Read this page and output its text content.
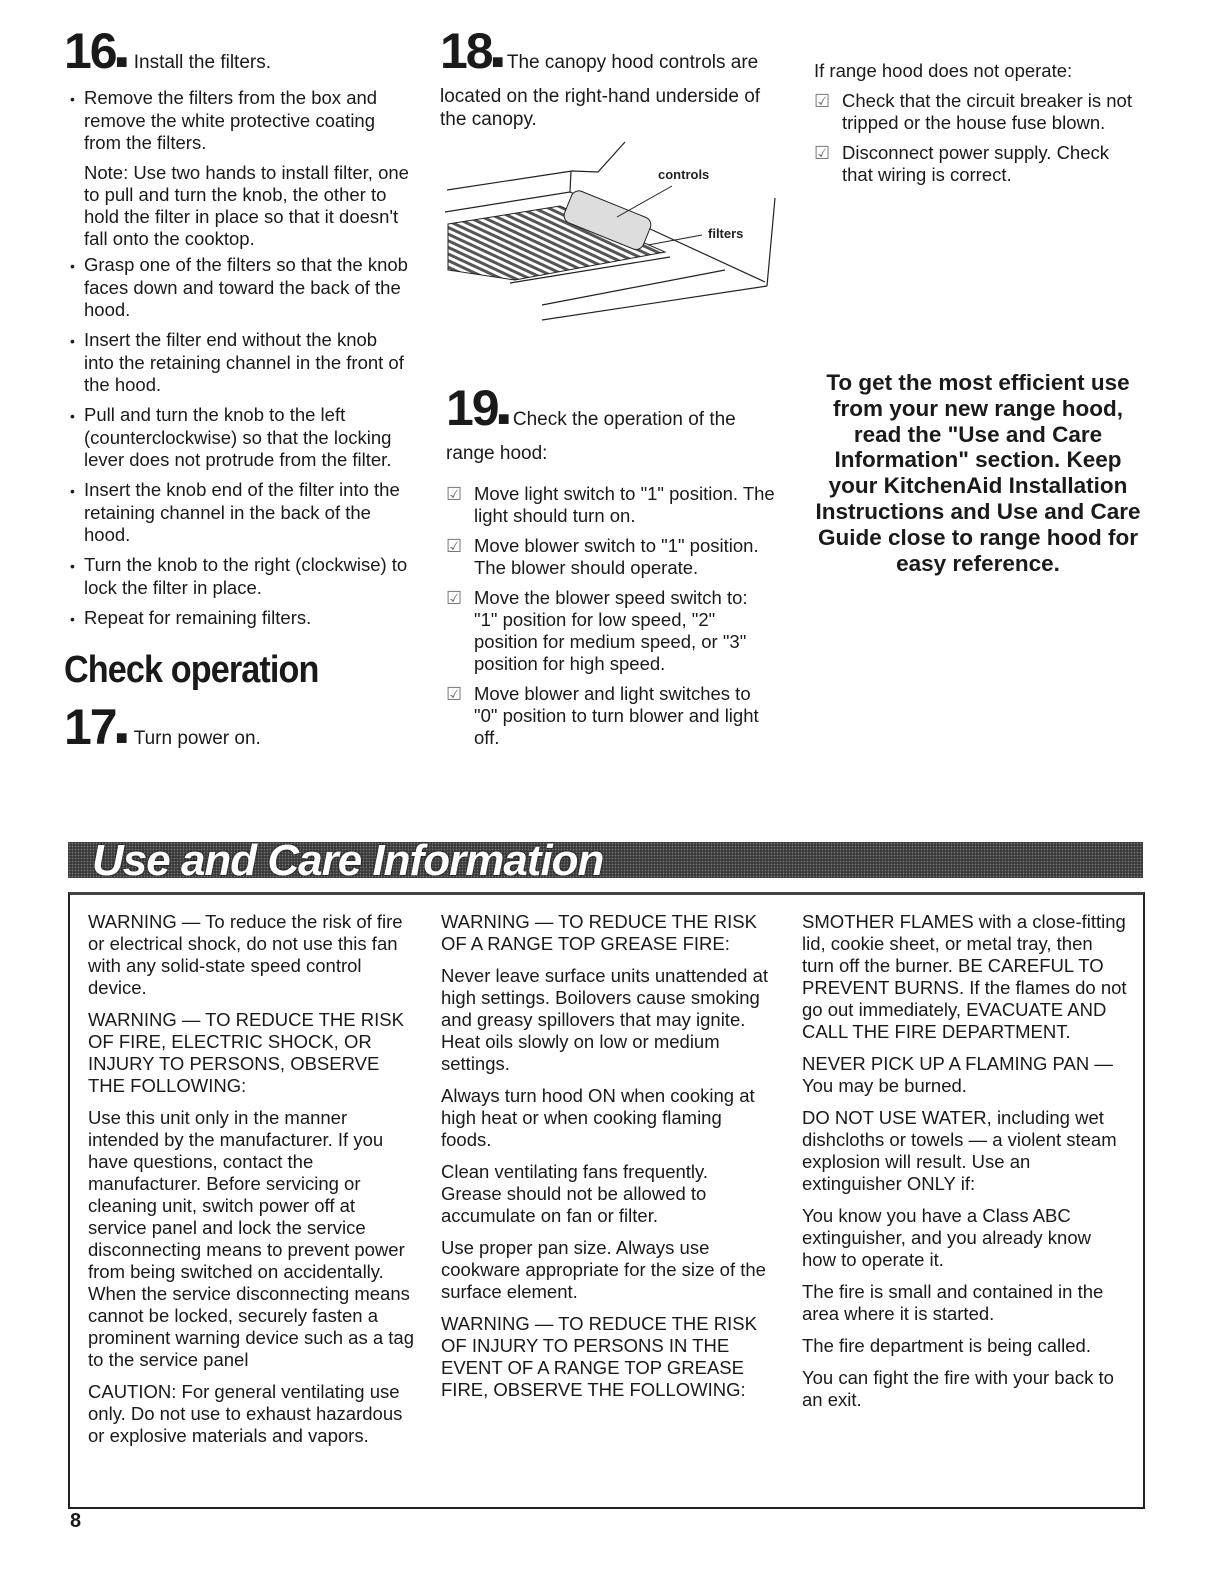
16■ Install the filters.

• Remove the filters from the box and remove the white protective coating from the filters.

Note: Use two hands to install filter, one to pull and turn the knob, the other to hold the filter in place so that it doesn't fall onto the cooktop.

• Grasp one of the filters so that the knob faces down and toward the back of the hood.

• Insert the filter end without the knob into the retaining channel in the front of the hood.

• Pull and turn the knob to the left (counterclockwise) so that the locking lever does not protrude from the filter.

• Insert the knob end of the filter into the retaining channel in the back of the hood.

• Turn the knob to the right (clockwise) to lock the filter in place.

• Repeat for remaining filters.

Check operation
17■ Turn power on.
18■ The canopy hood controls are located on the right-hand underside of the canopy.
controls
filters
19■ Check the operation of the range hood:
☑ Move light switch to "1" position. The light should turn on.
☑ Move blower switch to "1" position. The blower should operate.
☑ Move the blower speed switch to: "1" position for low speed, "2" position for medium speed, or "3" position for high speed.
☑ Move blower and light switches to "0" position to turn blower and light off.

If range hood does not operate:

☑ Check that the circuit breaker is not tripped or the house fuse blown.
☑ Disconnect power supply. Check that wiring is correct.
To get the most efficient use from your new range hood, read the "Use and Care Information" section. Keep your KitchenAid Installation Instructions and Use and Care Guide close to range hood for easy reference.
Use and Care Information

WARNING — To reduce the risk of fire or electrical shock, do not use this fan with any solid-state speed control device.

WARNING — TO REDUCE THE RISK OF FIRE, ELECTRIC SHOCK, OR INJURY TO PERSONS, OBSERVE THE FOLLOWING:

Use this unit only in the manner intended by the manufacturer. If you have questions, contact the manufacturer. Before servicing or cleaning unit, switch power off at service panel and lock the service disconnecting means to prevent power from being switched on accidentally. When the service disconnecting means cannot be locked, securely fasten a prominent warning device such as a tag to the service panel

CAUTION: For general ventilating use only. Do not use to exhaust hazardous or explosive materials and vapors.

WARNING — TO REDUCE THE RISK OF A RANGE TOP GREASE FIRE:

Never leave surface units unattended at high settings. Boilovers cause smoking and greasy spillovers that may ignite. Heat oils slowly on low or medium settings.

Always turn hood ON when cooking at high heat or when cooking flaming foods.

Clean ventilating fans frequently. Grease should not be allowed to accumulate on fan or filter.

Use proper pan size. Always use cookware appropriate for the size of the surface element.

WARNING — TO REDUCE THE RISK OF INJURY TO PERSONS IN THE EVENT OF A RANGE TOP GREASE FIRE, OBSERVE THE FOLLOWING:

SMOTHER FLAMES with a close-fitting lid, cookie sheet, or metal tray, then turn off the burner. BE CAREFUL TO PREVENT BURNS. If the flames do not go out immediately, EVACUATE AND CALL THE FIRE DEPARTMENT.

NEVER PICK UP A FLAMING PAN — You may be burned.

DO NOT USE WATER, including wet dishcloths or towels — a violent steam explosion will result. Use an extinguisher ONLY if:

You know you have a Class ABC extinguisher, and you already know how to operate it.

The fire is small and contained in the area where it is started.

The fire department is being called.

You can fight the fire with your back to an exit.

8
